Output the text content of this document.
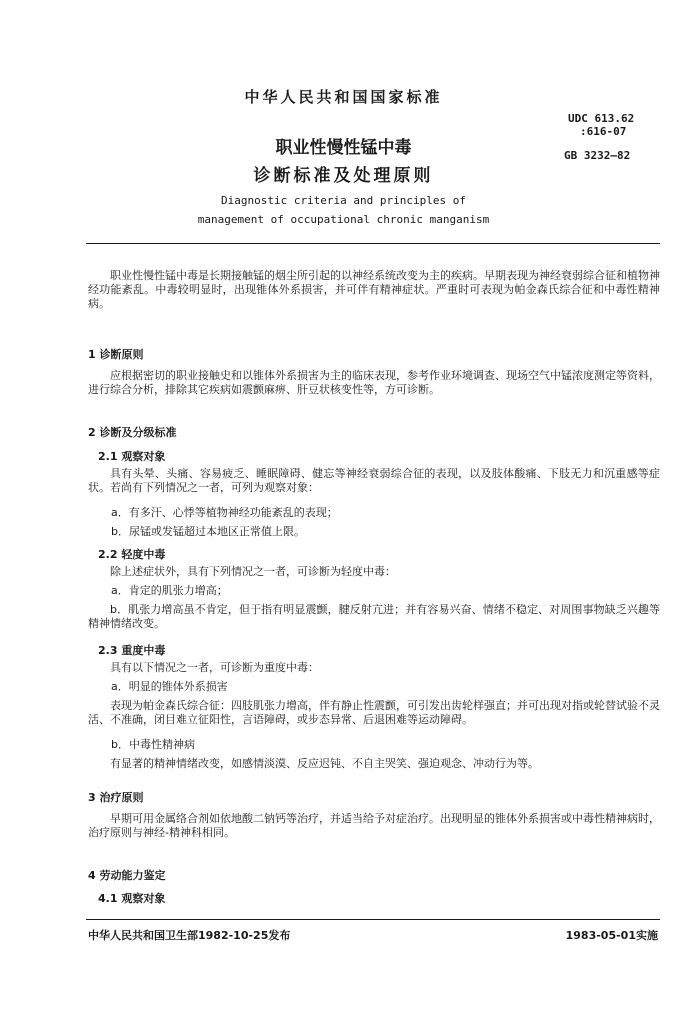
中华人民共和国国家标准
UDC 613.62
:616-07
GB 3232—82
职业性慢性锰中毒
诊断标准及处理原则
Diagnostic criteria and principles of
management of occupational chronic manganism
职业性慢性锰中毒是长期接触锰的烟尘所引起的以神经系统改变为主的疾病。早期表现为神经衰弱综合征和植物神经功能紊乱。中毒较明显时，出现锥体外系损害，并可伴有精神症状。严重时可表现为帕金森氏综合征和中毒性精神病。
1 诊断原则
应根据密切的职业接触史和以锥体外系损害为主的临床表现，参考作业环境调查、现场空气中锰浓度测定等资料，进行综合分析，排除其它疾病如震颤麻痹、肝豆状核变性等，方可诊断。
2 诊断及分级标准
2.1 观察对象
具有头晕、头痛、容易疲乏、睡眠障碍、健忘等神经衰弱综合征的表现，以及肢体酸痛、下肢无力和沉重感等症状。若尚有下列情况之一者，可列为观察对象：
a．有多汗、心悸等植物神经功能紊乱的表现；
b．尿锰或发锰超过本地区正常值上限。
2.2 轻度中毒
除上述症状外，具有下列情况之一者，可诊断为轻度中毒：
a．肯定的肌张力增高；
b．肌张力增高虽不肯定，但于指有明显震颤，腱反射亢进；并有容易兴奋、情绪不稳定、对周围事物缺乏兴趣等精神情绪改变。
2.3 重度中毒
具有以下情况之一者，可诊断为重度中毒：
a．明显的锥体外系损害
表现为帕金森氏综合征：四肢肌张力增高，伴有静止性震颤，可引发出齿轮样强直；并可出现对指或轮替试验不灵活、不准确，闭目难立征阳性，言语障碍，或步态异常、后退困难等运动障碍。
b．中毒性精神病
有显著的精神情绪改变，如感情淡漠、反应迟钝、不自主哭笑、强迫观念、冲动行为等。
3 治疗原则
早期可用金属络合剂如依地酸二钠钙等治疗，并适当给予对症治疗。出现明显的锥体外系损害或中毒性精神病时，治疗原则与神经-精神科相同。
4 劳动能力鉴定
4.1 观察对象
中华人民共和国卫生部1982-10-25发布	1983-05-01实施
